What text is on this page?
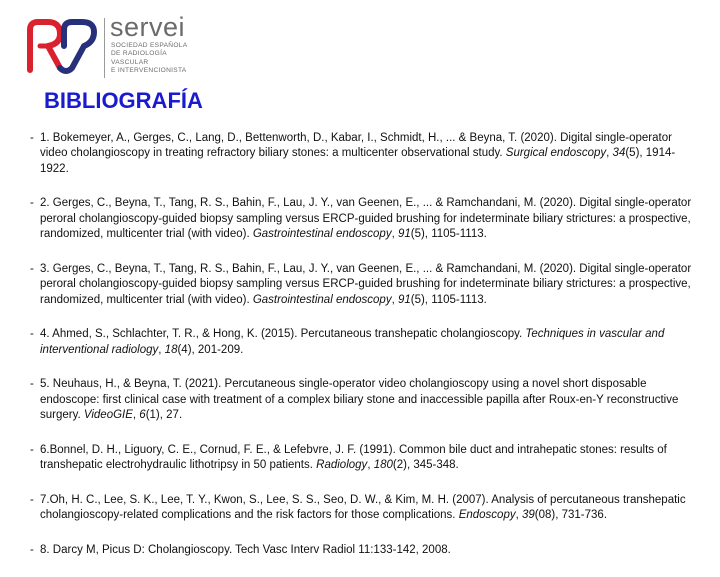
servei
SOCIEDAD ESPAÑOLA
DE RADIOLOGÍA
VASCULAR
E INTERVENCIONISTA
BIBLIOGRAFÍA
- 1. Bokemeyer, A., Gerges, C., Lang, D., Bettenworth, D., Kabar, I., Schmidt, H., ... & Beyna, T. (2020). Digital single-operator video cholangioscopy in treating refractory biliary stones: a multicenter observational study. Surgical endoscopy, 34(5), 1914-1922.
- 2. Gerges, C., Beyna, T., Tang, R. S., Bahin, F., Lau, J. Y., van Geenen, E., ... & Ramchandani, M. (2020). Digital single-operator peroral cholangioscopy-guided biopsy sampling versus ERCP-guided brushing for indeterminate biliary strictures: a prospective, randomized, multicenter trial (with video). Gastrointestinal endoscopy, 91(5), 1105-1113.
- 3. Gerges, C., Beyna, T., Tang, R. S., Bahin, F., Lau, J. Y., van Geenen, E., ... & Ramchandani, M. (2020). Digital single-operator peroral cholangioscopy-guided biopsy sampling versus ERCP-guided brushing for indeterminate biliary strictures: a prospective, randomized, multicenter trial (with video). Gastrointestinal endoscopy, 91(5), 1105-1113.
- 4. Ahmed, S., Schlachter, T. R., & Hong, K. (2015). Percutaneous transhepatic cholangioscopy. Techniques in vascular and interventional radiology, 18(4), 201-209.
- 5. Neuhaus, H., & Beyna, T. (2021). Percutaneous single-operator video cholangioscopy using a novel short disposable endoscope: first clinical case with treatment of a complex biliary stone and inaccessible papilla after Roux-en-Y reconstructive surgery. VideoGIE, 6(1), 27.
- 6.Bonnel, D. H., Liguory, C. E., Cornud, F. E., & Lefebvre, J. F. (1991). Common bile duct and intrahepatic stones: results of transhepatic electrohydraulic lithotripsy in 50 patients. Radiology, 180(2), 345-348.
- 7.Oh, H. C., Lee, S. K., Lee, T. Y., Kwon, S., Lee, S. S., Seo, D. W., & Kim, M. H. (2007). Analysis of percutaneous transhepatic cholangioscopy-related complications and the risk factors for those complications. Endoscopy, 39(08), 731-736.
- 8. Darcy M, Picus D: Cholangioscopy. Tech Vasc Interv Radiol 11:133-142, 2008.
